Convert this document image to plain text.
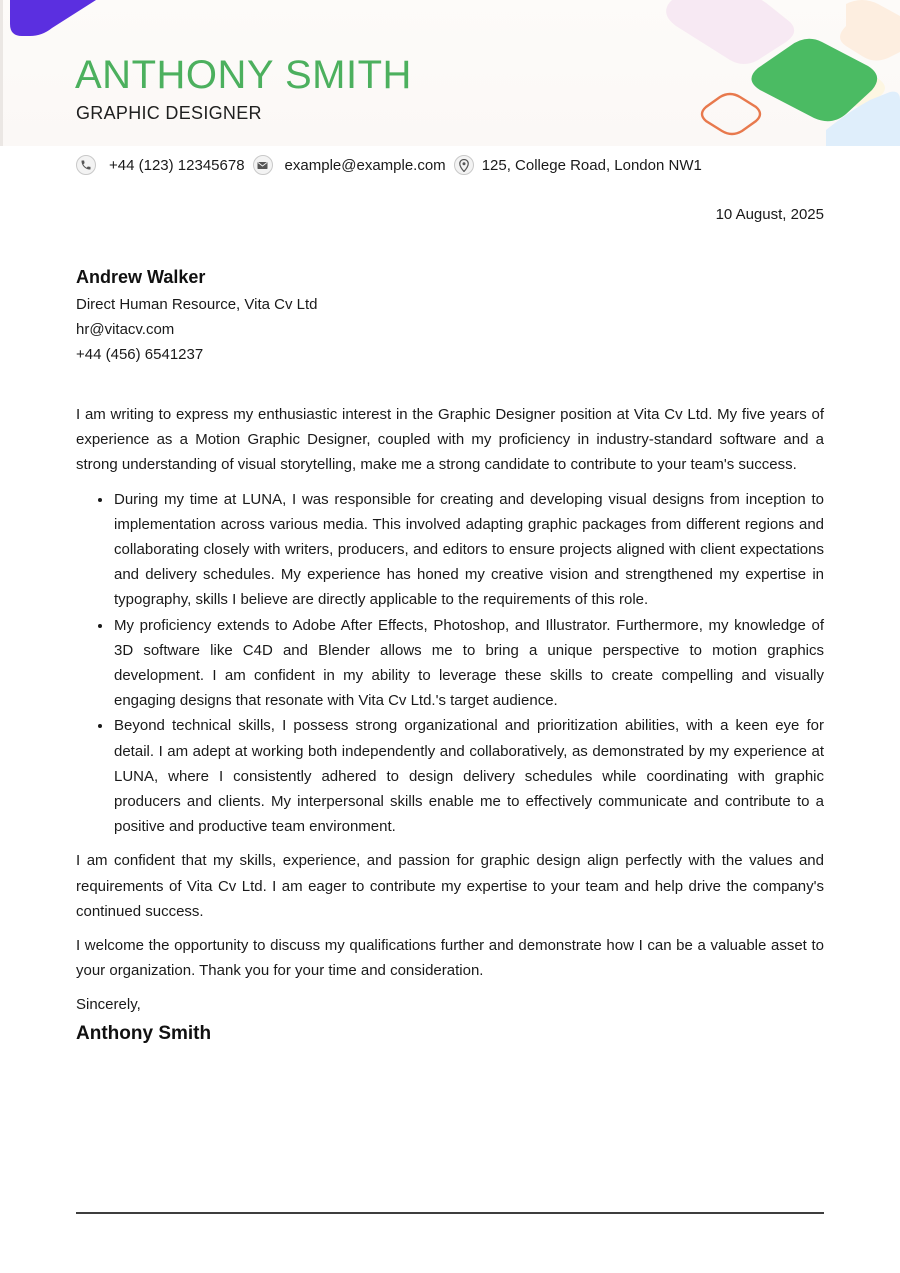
ANTHONY SMITH
GRAPHIC DESIGNER
+44 (123) 12345678	example@example.com 125, College Road, London NW1
10 August, 2025
Andrew Walker
Direct Human Resource, Vita Cv Ltd
hr@vitacv.com
+44 (456) 6541237

I am writing to express my enthusiastic interest in the Graphic Designer position at Vita Cv Ltd. My five years of experience as a Motion Graphic Designer, coupled with my proficiency in industry-standard software and a strong understanding of visual storytelling, make me a strong candidate to contribute to your team's success.

• During my time at LUNA, I was responsible for creating and developing visual designs from inception to implementation across various media. This involved adapting graphic packages from different regions and collaborating closely with writers, producers, and editors to ensure projects aligned with client expectations and delivery schedules. My experience has honed my creative vision and strengthened my expertise in typography, skills I believe are directly applicable to the requirements of this role.
• My proficiency extends to Adobe After Effects, Photoshop, and Illustrator. Furthermore, my knowledge of 3D software like C4D and Blender allows me to bring a unique perspective to motion graphics development. I am confident in my ability to leverage these skills to create compelling and visually engaging designs that resonate with Vita Cv Ltd.'s target audience.
• Beyond technical skills, I possess strong organizational and prioritization abilities, with a keen eye for detail. I am adept at working both independently and collaboratively, as demonstrated by my experience at LUNA, where I consistently adhered to design delivery schedules while coordinating with graphic producers and clients. My interpersonal skills enable me to effectively communicate and contribute to a positive and productive team environment.

I am confident that my skills, experience, and passion for graphic design align perfectly with the values and requirements of Vita Cv Ltd. I am eager to contribute my expertise to your team and help drive the company's continued success.

I welcome the opportunity to discuss my qualifications further and demonstrate how I can be a valuable asset to your organization. Thank you for your time and consideration.

Sincerely,
Anthony Smith
